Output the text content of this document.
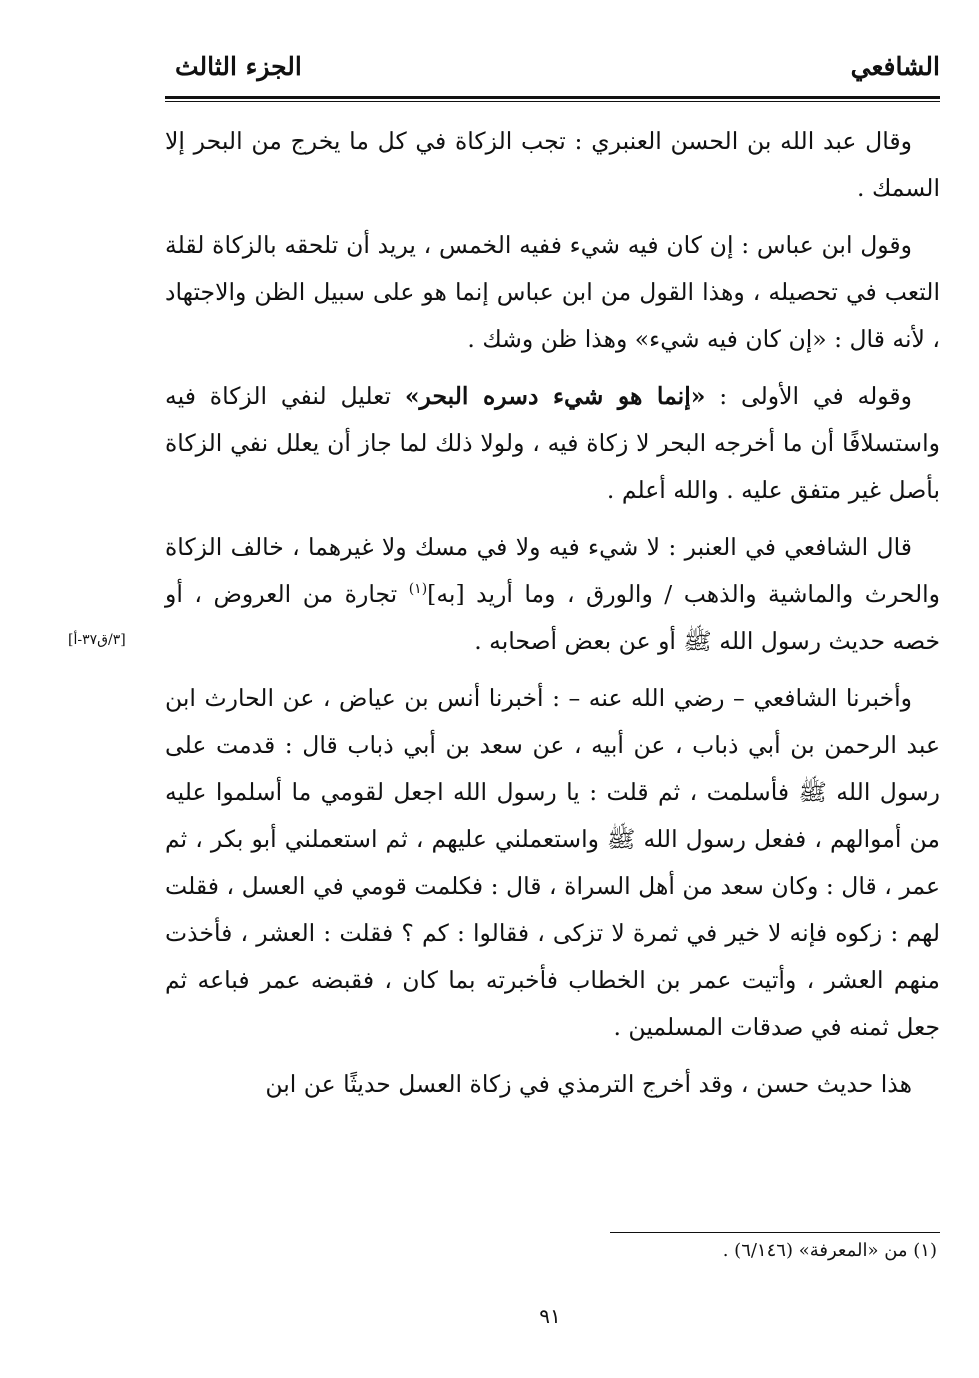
الشافعي
الجزء الثالث

وقال عبد الله بن الحسن العنبري : تجب الزكاة في كل ما يخرج من البحر إلا السمك .

وقول ابن عباس : إن كان فيه شيء ففيه الخمس ، يريد أن تلحقه بالزكاة لقلة التعب في تحصيله ، وهذا القول من ابن عباس إنما هو على سبيل الظن والاجتهاد ، لأنه قال : «إن كان فيه شيء» وهذا ظن وشك .

وقوله في الأولى : «إنما هو شيء دسره البحر» تعليل لنفي الزكاة فيه واستسلافًا أن ما أخرجه البحر لا زكاة فيه ، ولولا ذلك لما جاز أن يعلل نفي الزكاة بأصل غير متفق عليه . والله أعلم .

قال الشافعي في العنبر : لا شيء فيه ولا في مسك ولا غيرهما ، خالف الزكاة والحرث والماشية والذهب / والورق ، وما أريد [به]$^{(١)}$ تجارة من العروض ، أو خصه حديث رسول الله ﷺ أو عن بعض أصحابه .

وأخبرنا الشافعي – رضي الله عنه – : أخبرنا أنس بن عياض ، عن الحارث ابن عبد الرحمن بن أبي ذباب ، عن أبيه ، عن سعد بن أبي ذباب قال : قدمت على رسول الله ﷺ فأسلمت ، ثم قلت : يا رسول الله اجعل لقومي ما أسلموا عليه من أموالهم ، ففعل رسول الله ﷺ واستعملني عليهم ، ثم استعملني أبو بكر ، ثم عمر ، قال : وكان سعد من أهل السراة ، قال : فكلمت قومي في العسل ، فقلت لهم : زكوه فإنه لا خير في ثمرة لا تزكى ، فقالوا : كم ؟ فقلت : العشر ، فأخذت منهم العشر ، وأتيت عمر بن الخطاب فأخبرته بما كان ، فقبضه عمر فباعه ثم جعل ثمنه في صدقات المسلمين .

هذا حديث حسن ، وقد أخرج الترمذي في زكاة العسل حديثًا عن ابن

[٣/ق٣٧-أ]
(١) من «المعرفة» (٦/١٤٦) .
٩١
